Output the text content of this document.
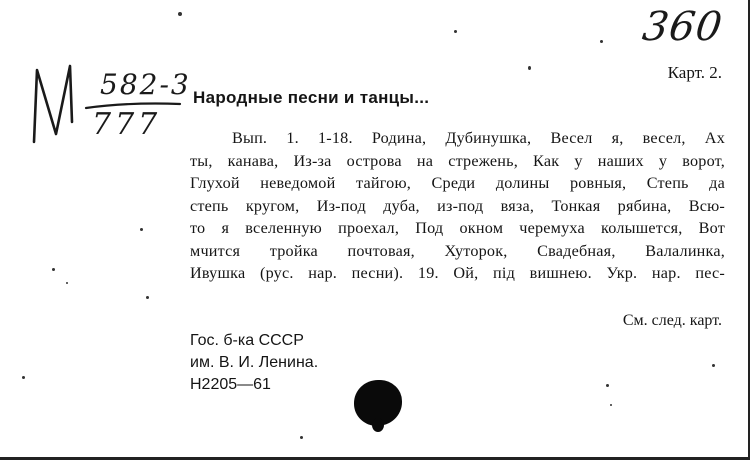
360
582-3
777
Карт. 2.
Народные песни и танцы...
Вып. 1. 1-18. Родина, Дубинушка, Весел я, весел, Ах
ты, канава, Из-за острова на стрежень, Как у наших у ворот,
Глухой неведомой тайгою, Среди долины ровныя, Степь да
степь кругом, Из-под дуба, из-под вяза, Тонкая рябина, Всю-
то я вселенную проехал, Под окном черемуха колышется, Вот
мчится тройка почтовая, Хуторок, Свадебная, Валалинка,
Ивушка (рус. нар. песни). 19. Ой, пiд вишнею. Укр. нар. пес-
См. след. карт.
Гос. б-ка СССР
им. В. И. Ленина.
Н2205—61
